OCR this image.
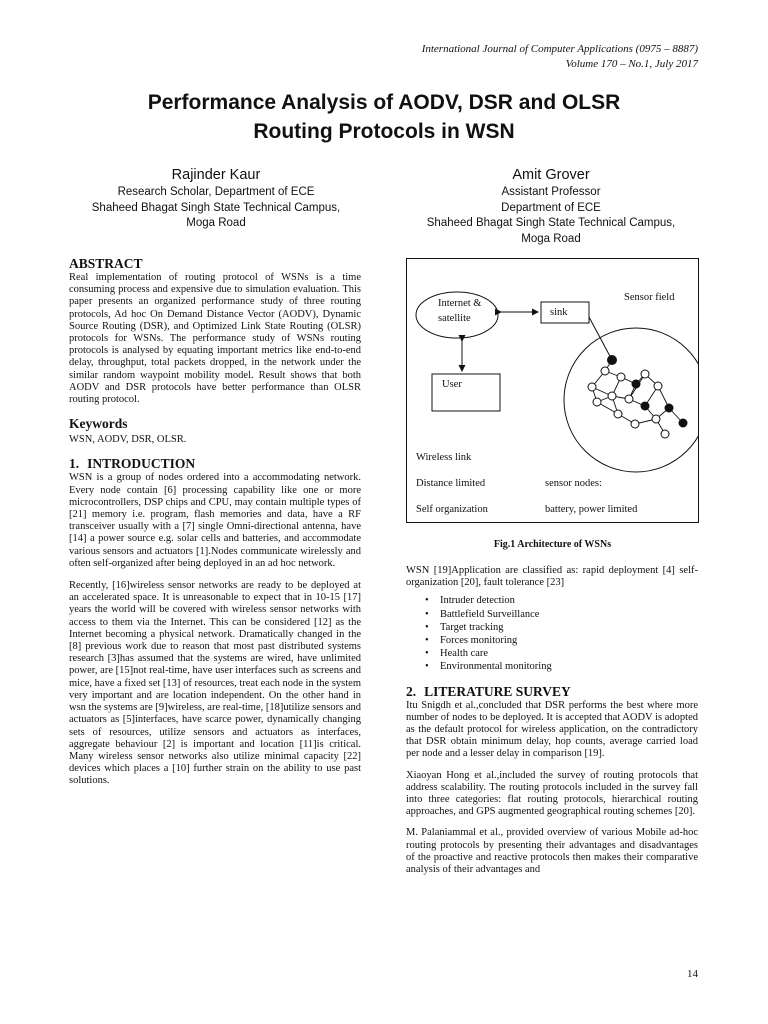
International Journal of Computer Applications (0975 – 8887)
Volume 170 – No.1, July 2017
Performance Analysis of AODV, DSR and OLSR
Routing Protocols in WSN
Rajinder Kaur
Research Scholar, Department of ECE
Shaheed Bhagat Singh State Technical Campus,
Moga Road
Amit Grover
Assistant Professor
Department of ECE
Shaheed Bhagat Singh State Technical Campus,
Moga Road

ABSTRACT

Real implementation of routing protocol of WSNs is a time consuming process and expensive due to simulation evaluation. This paper presents an organized performance study of three routing protocols, Ad hoc On Demand Distance Vector (AODV), Dynamic Source Routing (DSR), and Optimized Link State Routing (OLSR) protocols for WSNs. The performance study of WSNs routing protocols is analysed by equating important metrics like end-to-end delay, throughput, total packets dropped, in the network under the similar random waypoint mobility model. Result shows that both AODV and DSR protocols have better performance than OLSR routing protocol.

Keywords

WSN, AODV, DSR, OLSR.

1. INTRODUCTION

WSN is a group of nodes ordered into a accommodating network. Every node contain [6] processing capability like one or more microcontrollers, DSP chips and CPU, may contain multiple types of [21] memory i.e. program, flash memories and data, have a RF transceiver usually with a [7] single Omni-directional antenna, have [14] a power source e.g. solar cells and batteries, and accommodate various sensors and actuators [1].Nodes communicate wirelessly and often self-organized after being deployed in an ad hoc network.

Recently, [16]wireless sensor networks are ready to be deployed at an accelerated space. It is unreasonable to expect that in 10-15 [17] years the world will be covered with wireless sensor networks with access to them via the Internet. This can be considered [12] as the Internet becoming a physical network. Dramatically changed in the [8] previous work due to reason that most past distributed systems research [3]has assumed that the systems are wired, have unlimited power, are [15]not real-time, have user interfaces such as screens and mice, have a fixed set [13] of resources, treat each node in the system very important and are location independent. On the other hand in wsn the systems are [9]wireless, are real-time, [18]utilize sensors and actuators as [5]interfaces, have scarce power, dynamically changing sets of resources, utilize sensors and actuators as interfaces, aggregate behaviour [2] is important and location [11]is critical. Many wireless sensor networks also utilize minimal capacity [22] devices which places a [10] further strain on the ability to use past solutions.

Internet &
satellite
sink
Sensor field
User
Wireless link
Distance limited	sensor nodes:
Self organization	battery, power limited
Fig.1 Architecture of WSNs

WSN [19]Application are classified as: rapid deployment [4] self-organization [20], fault tolerance [23]

• Intruder detection
• Battlefield Surveillance
• Target tracking
• Forces monitoring
• Health care
• Environmental monitoring

2. LITERATURE SURVEY

Itu Snigdh et al.,concluded that DSR performs the best where more number of nodes to be deployed. It is accepted that AODV is adopted as the default protocol for wireless application, on the contradictory that DSR obtain minimum delay, hop counts, average carried load per node and a lesser delay in comparison [19].

Xiaoyan Hong et al.,included the survey of routing protocols that address scalability. The routing protocols included in the survey fall into three categories: flat routing protocols, hierarchical routing approaches, and GPS augmented geographical routing schemes [20].

M. Palaniammal et al., provided overview of various Mobile ad-hoc routing protocols by presenting their advantages and disadvantages of the proactive and reactive protocols then makes their comparative analysis of their advantages and

14
